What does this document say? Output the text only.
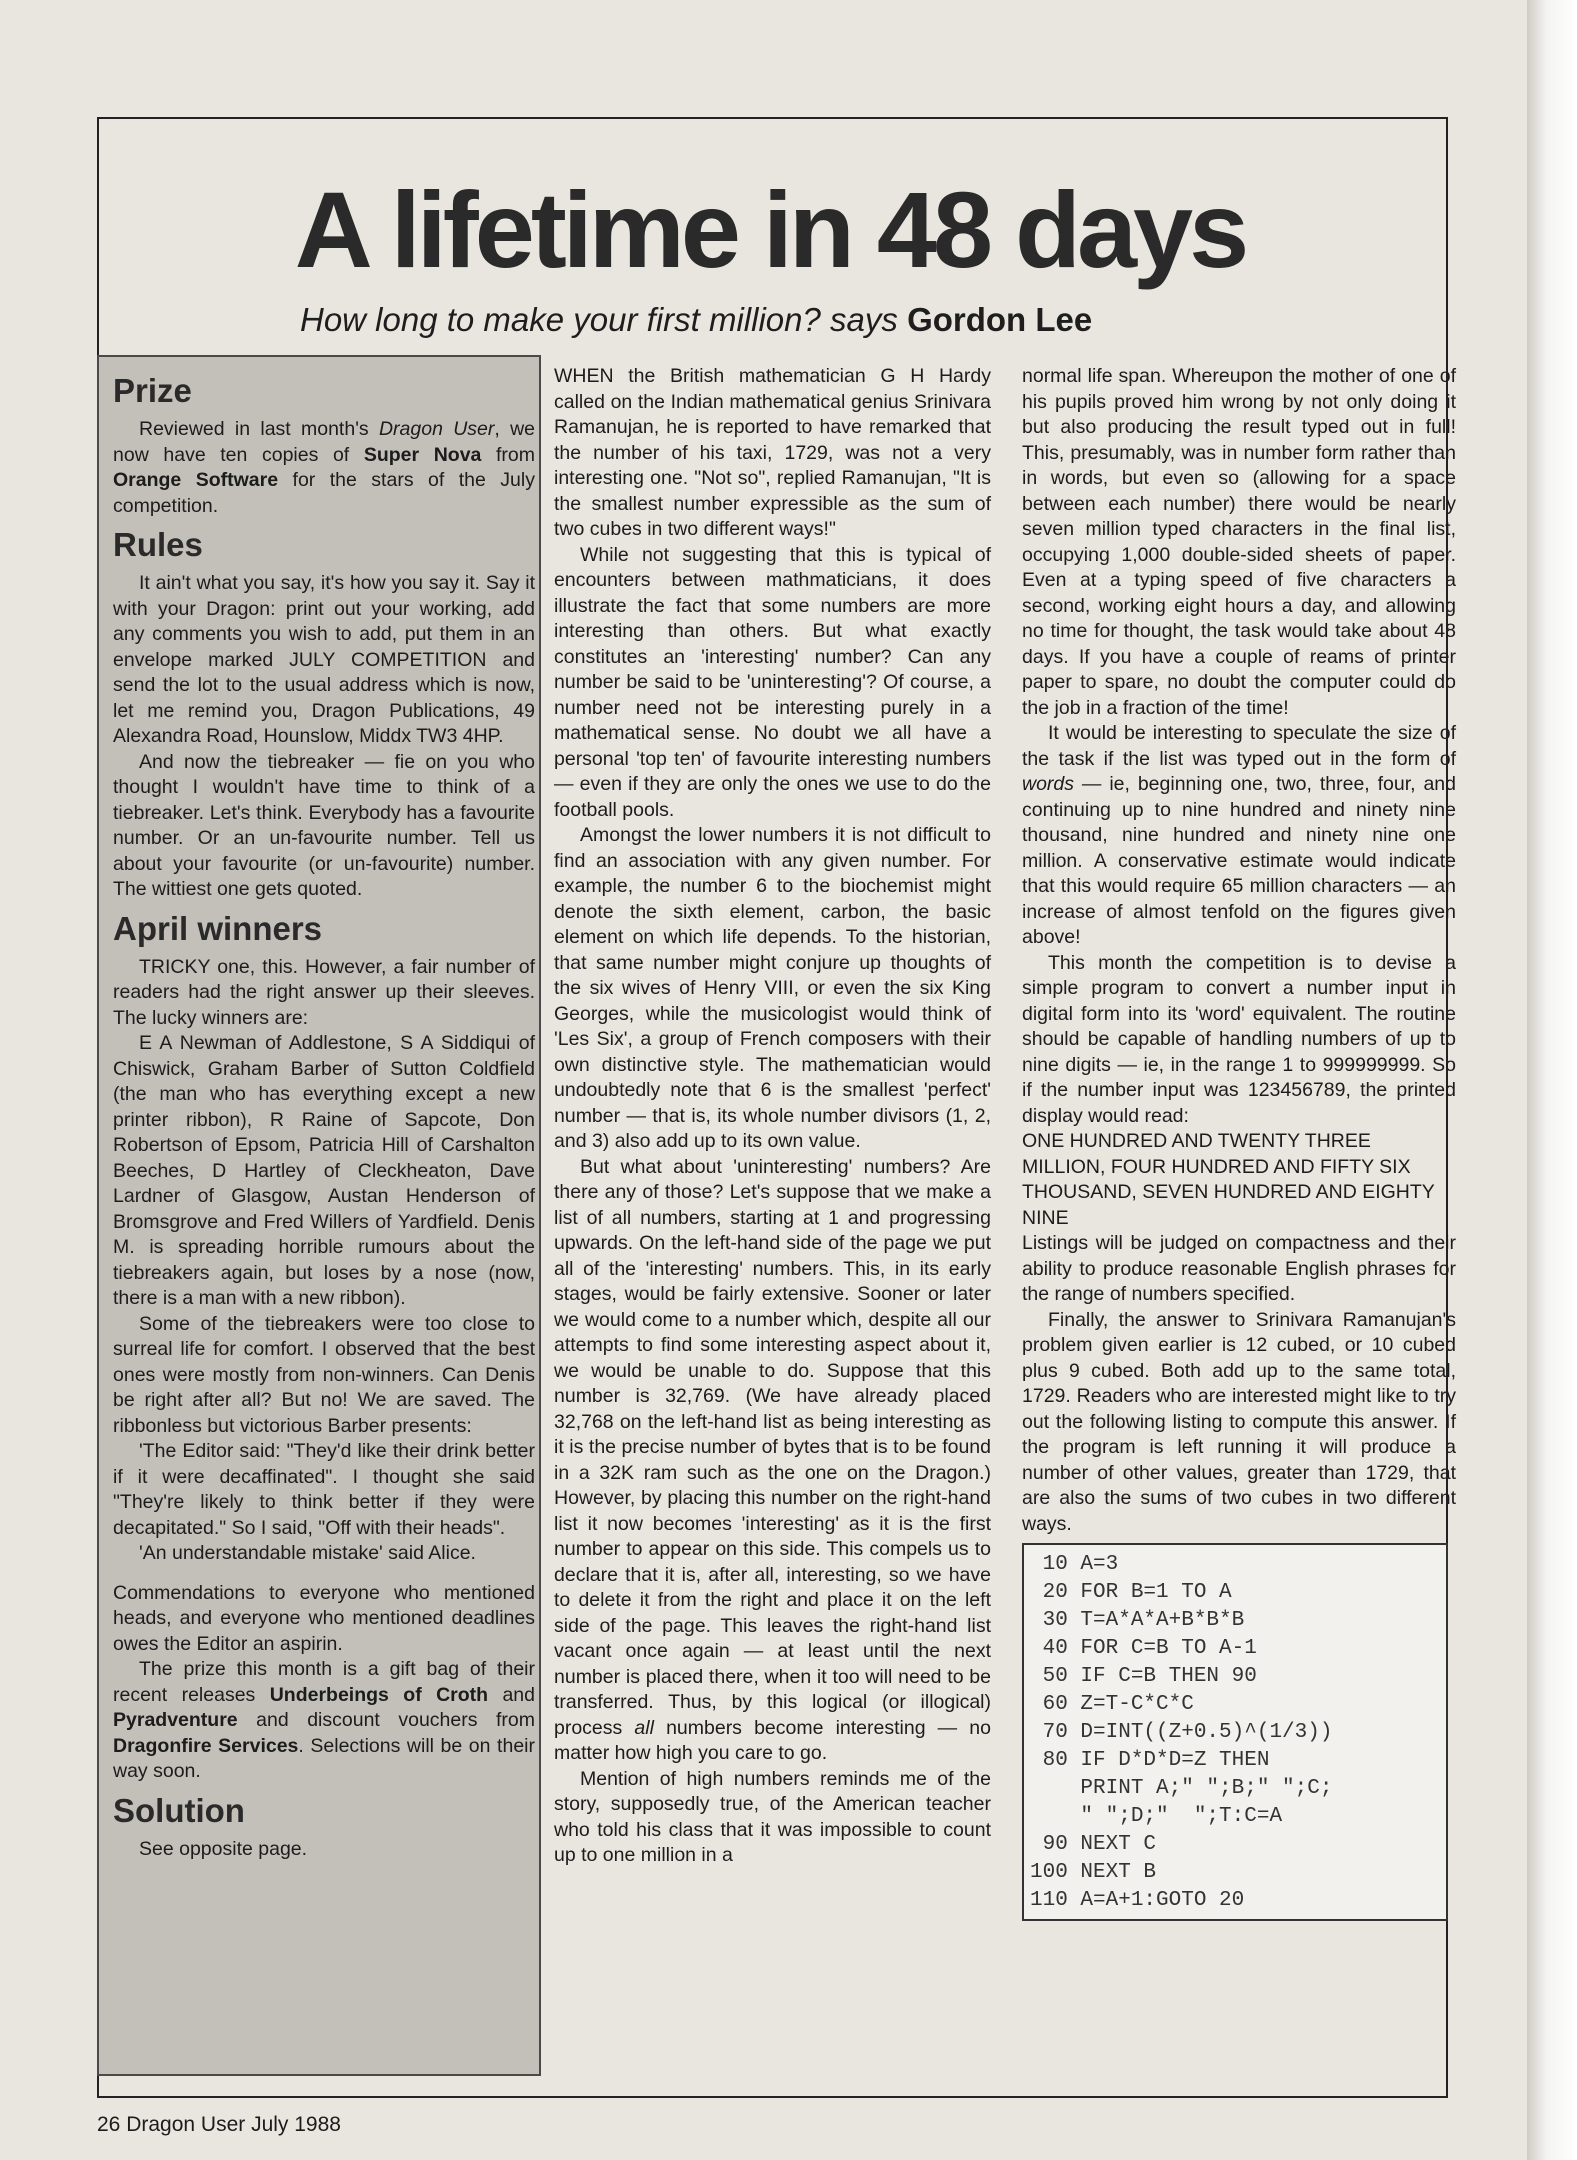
A lifetime in 48 days

How long to make your first million? says Gordon Lee

Prize

Reviewed in last month's Dragon User, we now have ten copies of Super Nova from Orange Software for the stars of the July competition.

Rules

It ain't what you say, it's how you say it. Say it with your Dragon: print out your working, add any comments you wish to add, put them in an envelope marked JULY COMPETITION and send the lot to the usual address which is now, let me remind you, Dragon Publications, 49 Alexandra Road, Hounslow, Middx TW3 4HP.

And now the tiebreaker — fie on you who thought I wouldn't have time to think of a tiebreaker. Let's think. Everybody has a favourite number. Or an un-favourite number. Tell us about your favourite (or un-favourite) number. The wittiest one gets quoted.

April winners

TRICKY one, this. However, a fair number of readers had the right answer up their sleeves. The lucky winners are:

E A Newman of Addlestone, S A Siddiqui of Chiswick, Graham Barber of Sutton Coldfield (the man who has everything except a new printer ribbon), R Raine of Sapcote, Don Robertson of Epsom, Patricia Hill of Carshalton Beeches, D Hartley of Cleckheaton, Dave Lardner of Glasgow, Austan Henderson of Bromsgrove and Fred Willers of Yardfield. Denis M. is spreading horrible rumours about the tiebreakers again, but loses by a nose (now, there is a man with a new ribbon).

Some of the tiebreakers were too close to surreal life for comfort. I observed that the best ones were mostly from non-winners. Can Denis be right after all? But no! We are saved. The ribbonless but victorious Barber presents:

'The Editor said: "They'd like their drink better if it were decaffinated". I thought she said "They're likely to think better if they were decapitated." So I said, "Off with their heads".

'An understandable mistake' said Alice.

Commendations to everyone who mentioned heads, and everyone who mentioned deadlines owes the Editor an aspirin.

The prize this month is a gift bag of their recent releases Underbeings of Croth and Pyradventure and discount vouchers from Dragonfire Services. Selections will be on their way soon.

Solution

See opposite page.

WHEN the British mathematician G H Hardy called on the Indian mathematical genius Srinivara Ramanujan, he is reported to have remarked that the number of his taxi, 1729, was not a very interesting one. "Not so", replied Ramanujan, "It is the smallest number expressible as the sum of two cubes in two different ways!"

While not suggesting that this is typical of encounters between mathmaticians, it does illustrate the fact that some numbers are more interesting than others. But what exactly constitutes an 'interesting' number? Can any number be said to be 'uninteresting'? Of course, a number need not be interesting purely in a mathematical sense. No doubt we all have a personal 'top ten' of favourite interesting numbers — even if they are only the ones we use to do the football pools.

Amongst the lower numbers it is not difficult to find an association with any given number. For example, the number 6 to the biochemist might denote the sixth element, carbon, the basic element on which life depends. To the historian, that same number might conjure up thoughts of the six wives of Henry VIII, or even the six King Georges, while the musicologist would think of 'Les Six', a group of French composers with their own distinctive style. The mathematician would undoubtedly note that 6 is the smallest 'perfect' number — that is, its whole number divisors (1, 2, and 3) also add up to its own value.

But what about 'uninteresting' numbers? Are there any of those? Let's suppose that we make a list of all numbers, starting at 1 and progressing upwards. On the left-hand side of the page we put all of the 'interesting' numbers. This, in its early stages, would be fairly extensive. Sooner or later we would come to a number which, despite all our attempts to find some interesting aspect about it, we would be unable to do. Suppose that this number is 32,769. (We have already placed 32,768 on the left-hand list as being interesting as it is the precise number of bytes that is to be found in a 32K ram such as the one on the Dragon.) However, by placing this number on the right-hand list it now becomes 'interesting' as it is the first number to appear on this side. This compels us to declare that it is, after all, interesting, so we have to delete it from the right and place it on the left side of the page. This leaves the right-hand list vacant once again — at least until the next number is placed there, when it too will need to be transferred. Thus, by this logical (or illogical) process all numbers become interesting — no matter how high you care to go.

Mention of high numbers reminds me of the story, supposedly true, of the American teacher who told his class that it was impossible to count up to one million in a

normal life span. Whereupon the mother of one of his pupils proved him wrong by not only doing it but also producing the result typed out in full! This, presumably, was in number form rather than in words, but even so (allowing for a space between each number) there would be nearly seven million typed characters in the final list, occupying 1,000 double-sided sheets of paper. Even at a typing speed of five characters a second, working eight hours a day, and allowing no time for thought, the task would take about 48 days. If you have a couple of reams of printer paper to spare, no doubt the computer could do the job in a fraction of the time!

It would be interesting to speculate the size of the task if the list was typed out in the form of words — ie, beginning one, two, three, four, and continuing up to nine hundred and ninety nine thousand, nine hundred and ninety nine one million. A conservative estimate would indicate that this would require 65 million characters — an increase of almost tenfold on the figures given above!

This month the competition is to devise a simple program to convert a number input in digital form into its 'word' equivalent. The routine should be capable of handling numbers of up to nine digits — ie, in the range 1 to 999999999. So if the number input was 123456789, the printed display would read:

ONE HUNDRED AND TWENTY THREE MILLION, FOUR HUNDRED AND FIFTY SIX THOUSAND, SEVEN HUNDRED AND EIGHTY NINE

Listings will be judged on compactness and their ability to produce reasonable English phrases for the range of numbers specified.

Finally, the answer to Srinivara Ramanujan's problem given earlier is 12 cubed, or 10 cubed plus 9 cubed. Both add up to the same total, 1729. Readers who are interested might like to try out the following listing to compute this answer. If the program is left running it will produce a number of other values, greater than 1729, that are also the sums of two cubes in two different ways.

10 A=3
20 FOR B=1 TO A
30 T=A*A*A+B*B*B
40 FOR C=B TO A-1
50 IF C=B THEN 90
60 Z=T-C*C*C
70 D=INT((Z+0.5)^(1/3))
80 IF D*D*D=Z THEN
PRINT A;" ";B;" ";C;
" ";D;"  ";T:C=A
90 NEXT C
100 NEXT B
110 A=A+1:GOTO 20
26 Dragon User July 1988
